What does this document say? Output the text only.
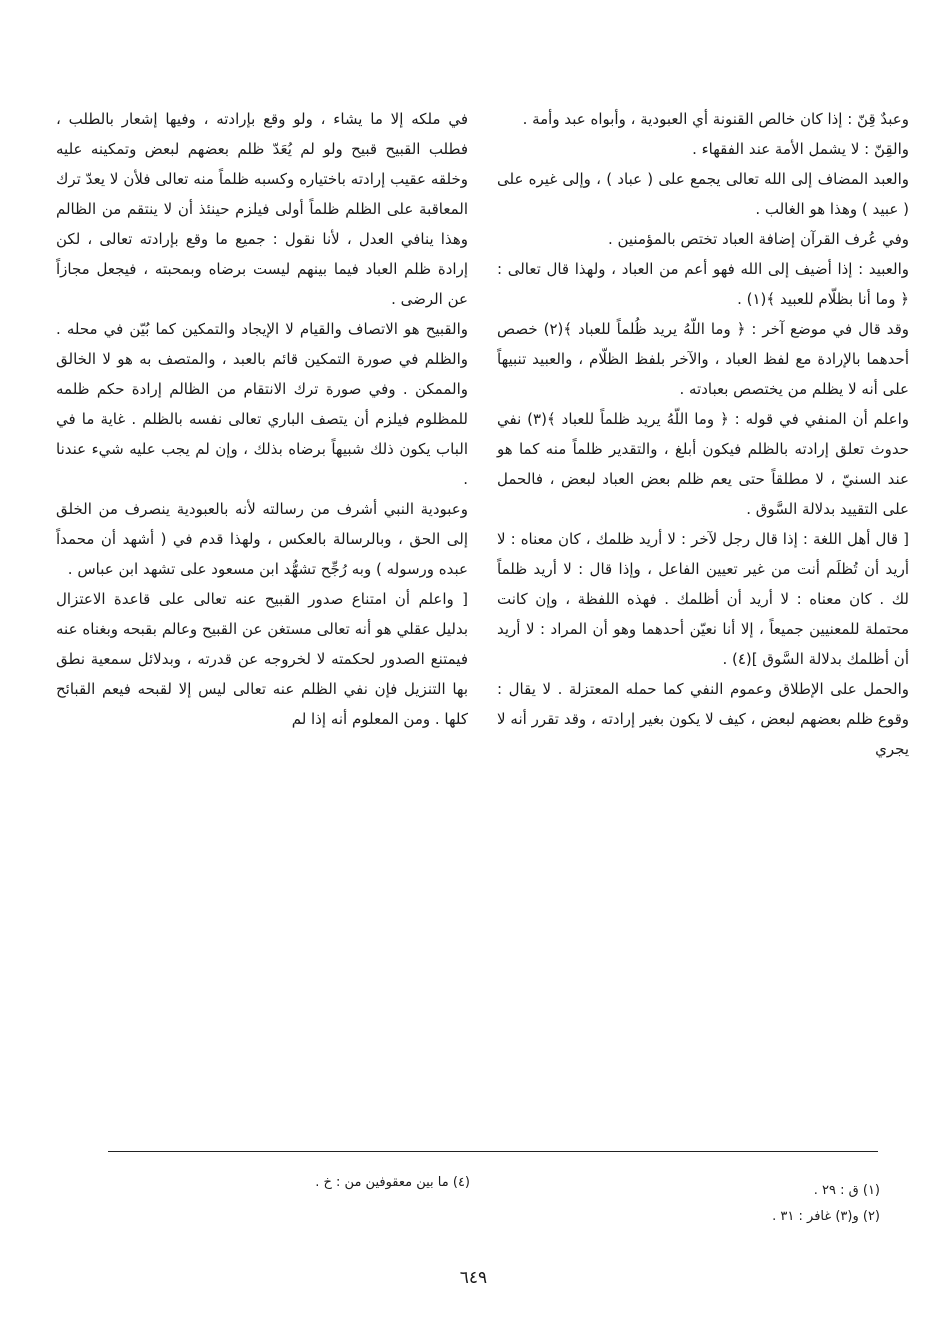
وعبدٌ قِنّ : إذا كان خالص القنونة أي العبودية ، وأبواه عبد وأمة .

والقِنّ : لا يشمل الأمة عند الفقهاء .

والعبد المضاف إلى الله تعالى يجمع على ( عباد ) ، وإلى غيره على ( عبيد ) وهذا هو الغالب .

وفي عُرف القرآن إضافة العباد تختص بالمؤمنين .

والعبيد : إذا أضيف إلى الله فهو أعم من العباد ، ولهذا قال تعالى : ﴿ وما أنا بظلّام للعبيد ﴾(١) .

وقد قال في موضع آخر : ﴿ وما اللّهُ يريد ظُلماً للعباد ﴾(٢) خصص أحدهما بالإرادة مع لفظ العباد ، والآخر بلفظ الظلّام ، والعبيد تنبيهاً على أنه لا يظلم من يختصص بعبادته .

واعلم أن المنفي في قوله : ﴿ وما اللّهُ يريد ظلماً للعباد ﴾(٣) نفي حدوث تعلق إرادته بالظلم فيكون أبلغ ، والتقدير ظلماً منه كما هو عند السنيّ ، لا مطلقاً حتى يعم ظلم بعض العباد لبعض ، فالحمل على التقييد بدلالة السَّوق .

[ قال أهل اللغة : إذا قال رجل لآخر : لا أريد ظلمك ، كان معناه : لا أريد أن تُظلَم أنت من غير تعيين الفاعل ، وإذا قال : لا أريد ظلماً لك . كان معناه : لا أريد أن أظلمك . فهذه اللفظة ، وإن كانت محتملة للمعنيين جميعاً ، إلا أنا نعيّن أحدهما وهو أن المراد : لا أريد أن أظلمك بدلالة السَّوق ](٤) .

والحمل على الإطلاق وعموم النفي كما حمله المعتزلة . لا يقال : وقوع ظلم بعضهم لبعض ، كيف لا يكون بغير إرادته ، وقد تقرر أنه لا يجري

في ملكه إلا ما يشاء ، ولو وقع بإرادته ، وفيها إشعار بالطلب ، فطلب القبيح قبيح ولو لم يُعَدّ ظلم بعضهم لبعض وتمكينه عليه وخلقه عقيب إرادته باختياره وكسبه ظلماً منه تعالى فلأن لا يعدّ ترك المعاقبة على الظلم ظلماً أولى فيلزم حينئذ أن لا ينتقم من الظالم وهذا ينافي العدل ، لأنا نقول : جميع ما وقع بإرادته تعالى ، لكن إرادة ظلم العباد فيما بينهم ليست برضاه وبمحبته ، فيجعل مجازاً عن الرضى .

والقبيح هو الاتصاف والقيام لا الإيجاد والتمكين كما بُيّن في محله . والظلم في صورة التمكين قائم بالعبد ، والمتصف به هو لا الخالق والممكن . وفي صورة ترك الانتقام من الظالم إرادة حكم ظلمه للمظلوم فيلزم أن يتصف الباري تعالى نفسه بالظلم . غاية ما في الباب يكون ذلك شبيهاً برضاه بذلك ، وإن لم يجب عليه شيء عندنا .

وعبودية النبي أشرف من رسالته لأنه بالعبودية ينصرف من الخلق إلى الحق ، وبالرسالة بالعكس ، ولهذا قدم في ( أشهد أن محمداً عبده ورسوله ) وبه رُجِّح تشهُّد ابن مسعود على تشهد ابن عباس .

[ واعلم أن امتناع صدور القبيح عنه تعالى على قاعدة الاعتزال بدليل عقلي هو أنه تعالى مستغن عن القبيح وعالم بقبحه وبغناه عنه فيمتنع الصدور لحكمته لا لخروجه عن قدرته ، وبدلائل سمعية نطق بها التنزيل فإن نفي الظلم عنه تعالى ليس إلا لقبحه فيعم القبائح كلها . ومن المعلوم أنه إذا لم

(١) ق : ٢٩ .
(٢) و(٣) غافر : ٣١ .
(٤) ما بين معقوفين من : خ .
٦٤٩
